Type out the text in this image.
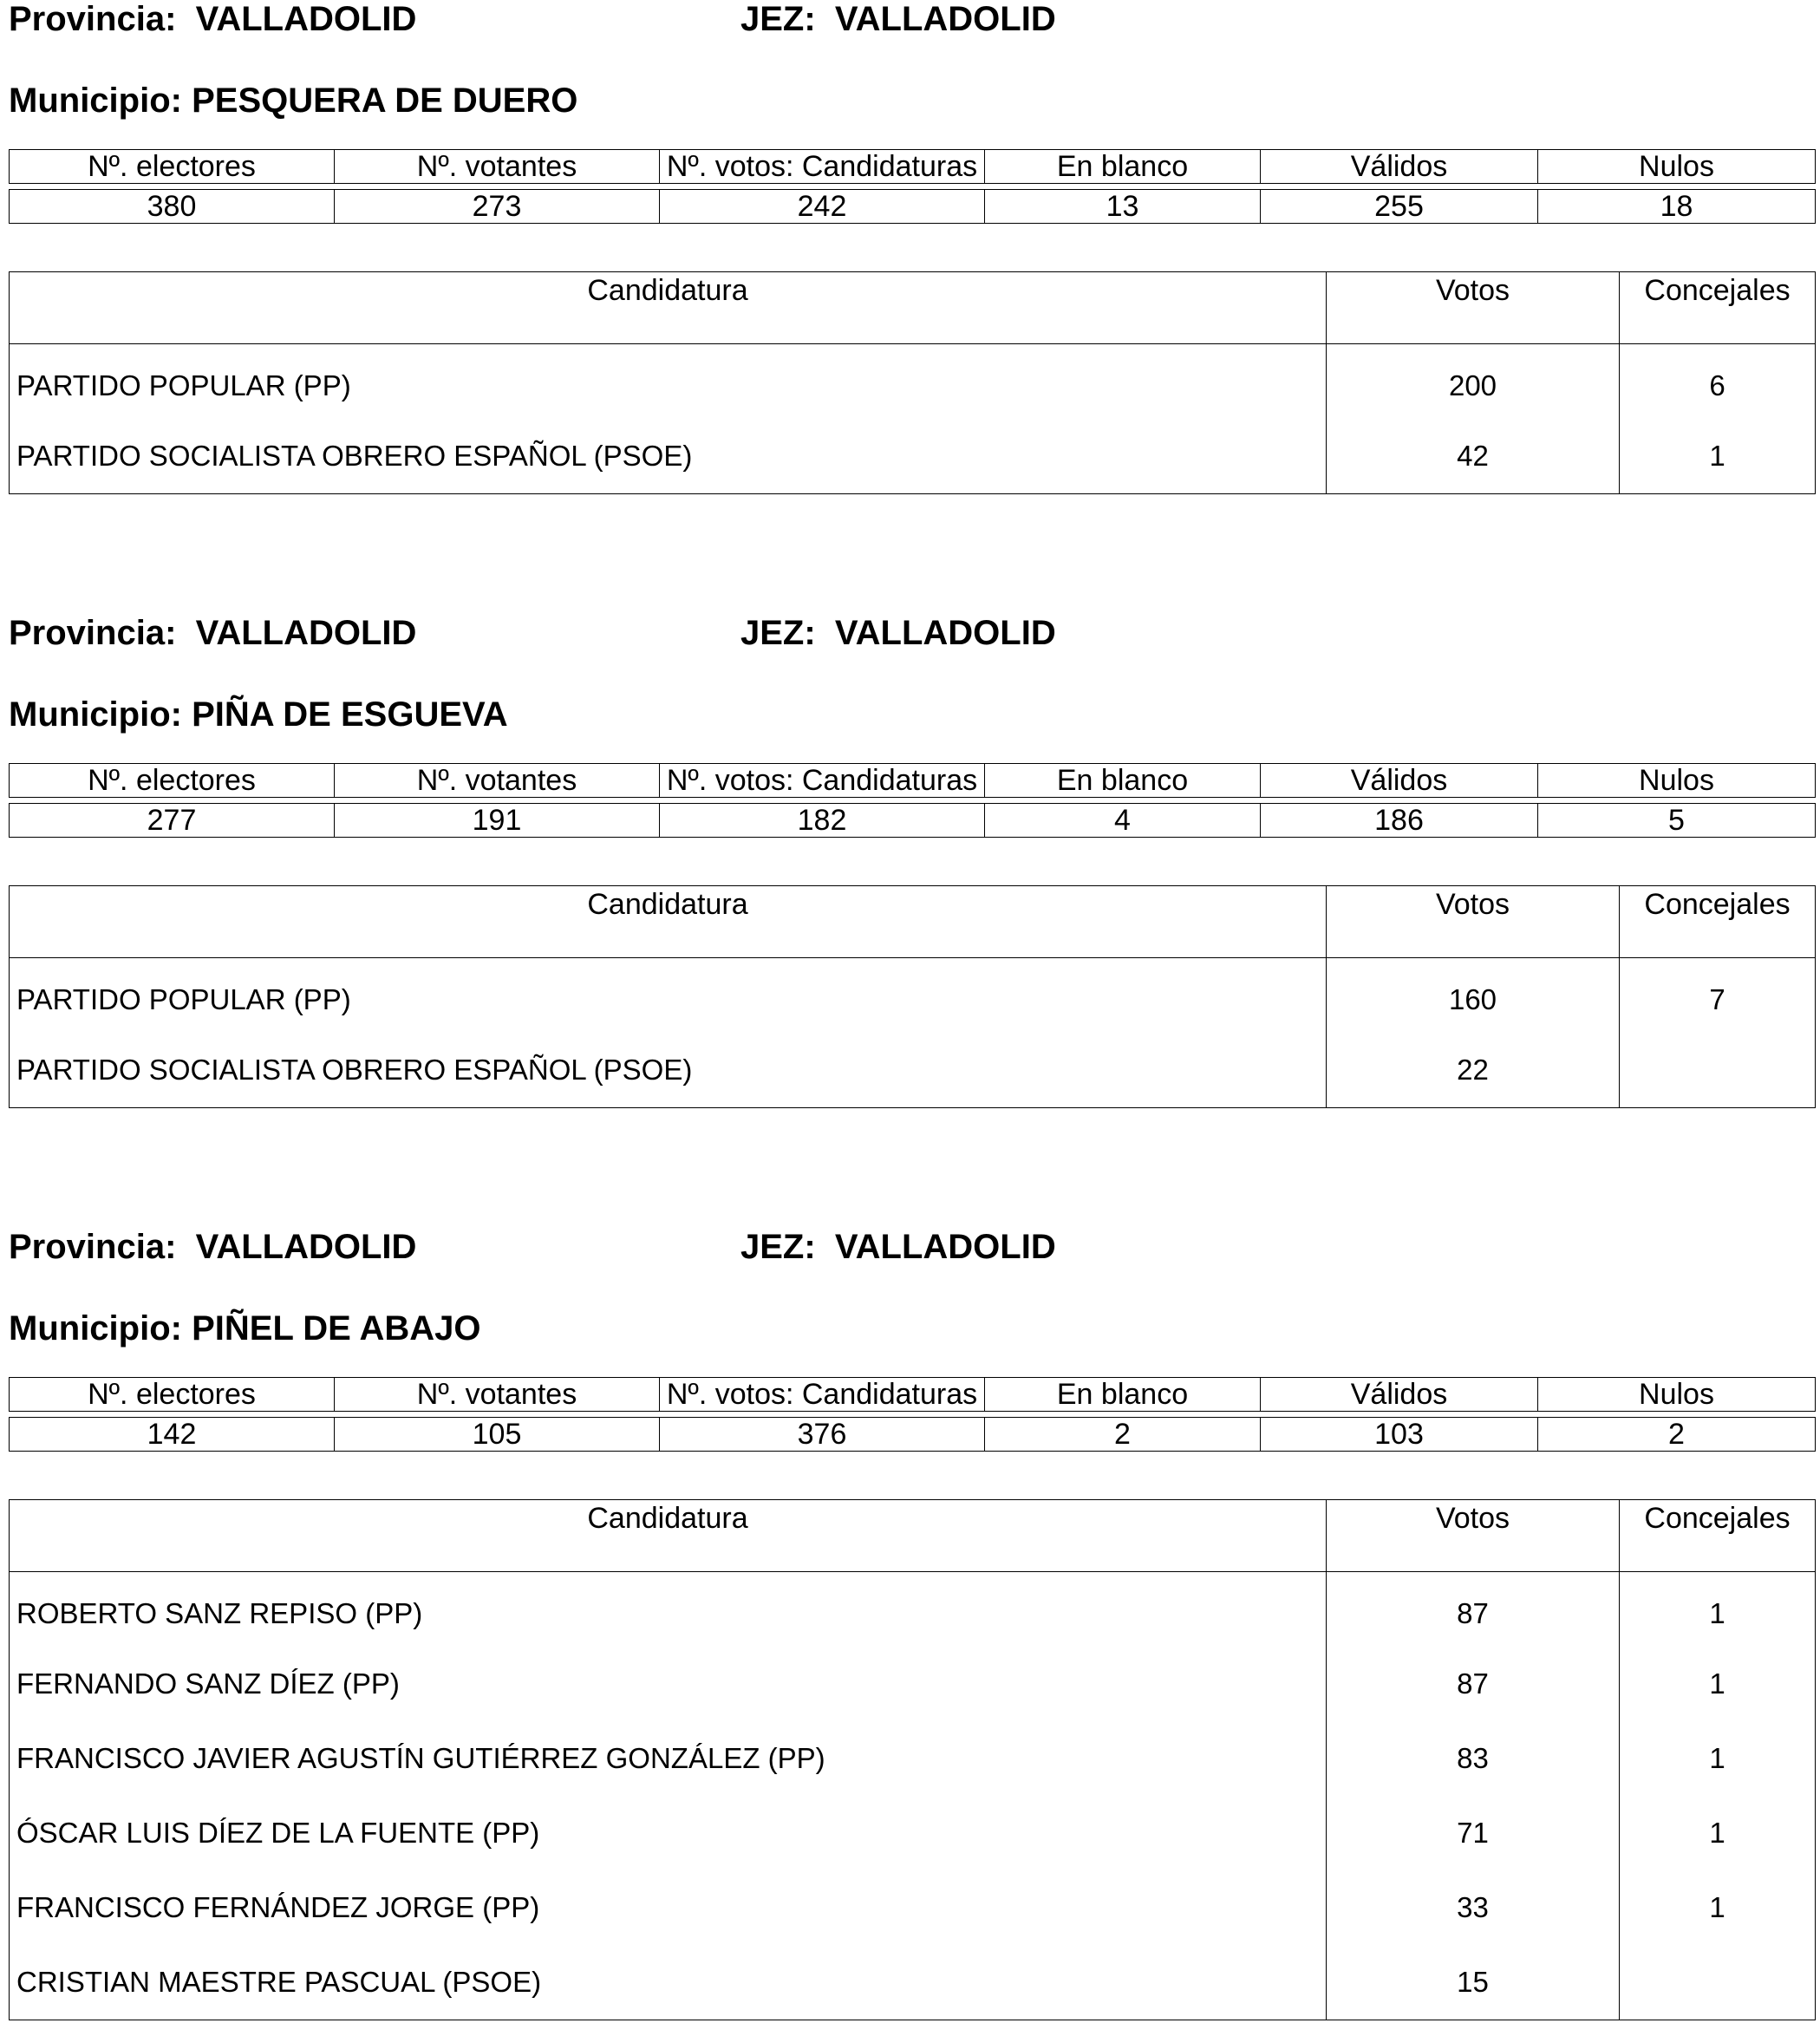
Provincia: VALLADOLID	JEZ: VALLADOLID
Municipio: PESQUERA DE DUERO
Nº. electores	Nº. votantes	Nº. votos: Candidaturas	En blanco	Válidos	Nulos

380	273	242	13	255	18
Candidatura	Votos	Concejales
PARTIDO POPULAR (PP)	200	6
PARTIDO SOCIALISTA OBRERO ESPAÑOL (PSOE)	42	1
Provincia: VALLADOLID	JEZ: VALLADOLID
Municipio: PIÑA DE ESGUEVA
Nº. electores	Nº. votantes	Nº. votos: Candidaturas	En blanco	Válidos	Nulos

277	191	182	4	186	5
Candidatura	Votos	Concejales
PARTIDO POPULAR (PP)	160	7
PARTIDO SOCIALISTA OBRERO ESPAÑOL (PSOE)	22	
Provincia: VALLADOLID	JEZ: VALLADOLID
Municipio: PIÑEL DE ABAJO
Nº. electores	Nº. votantes	Nº. votos: Candidaturas	En blanco	Válidos	Nulos

142	105	376	2	103	2
Candidatura	Votos	Concejales
ROBERTO SANZ REPISO (PP)	87	1
FERNANDO SANZ DÍEZ (PP)	87	1
FRANCISCO JAVIER AGUSTÍN GUTIÉRREZ GONZÁLEZ (PP)	83	1
ÓSCAR LUIS DÍEZ DE LA FUENTE (PP)	71	1
FRANCISCO FERNÁNDEZ JORGE (PP)	33	1
CRISTIAN MAESTRE PASCUAL (PSOE)	15	
